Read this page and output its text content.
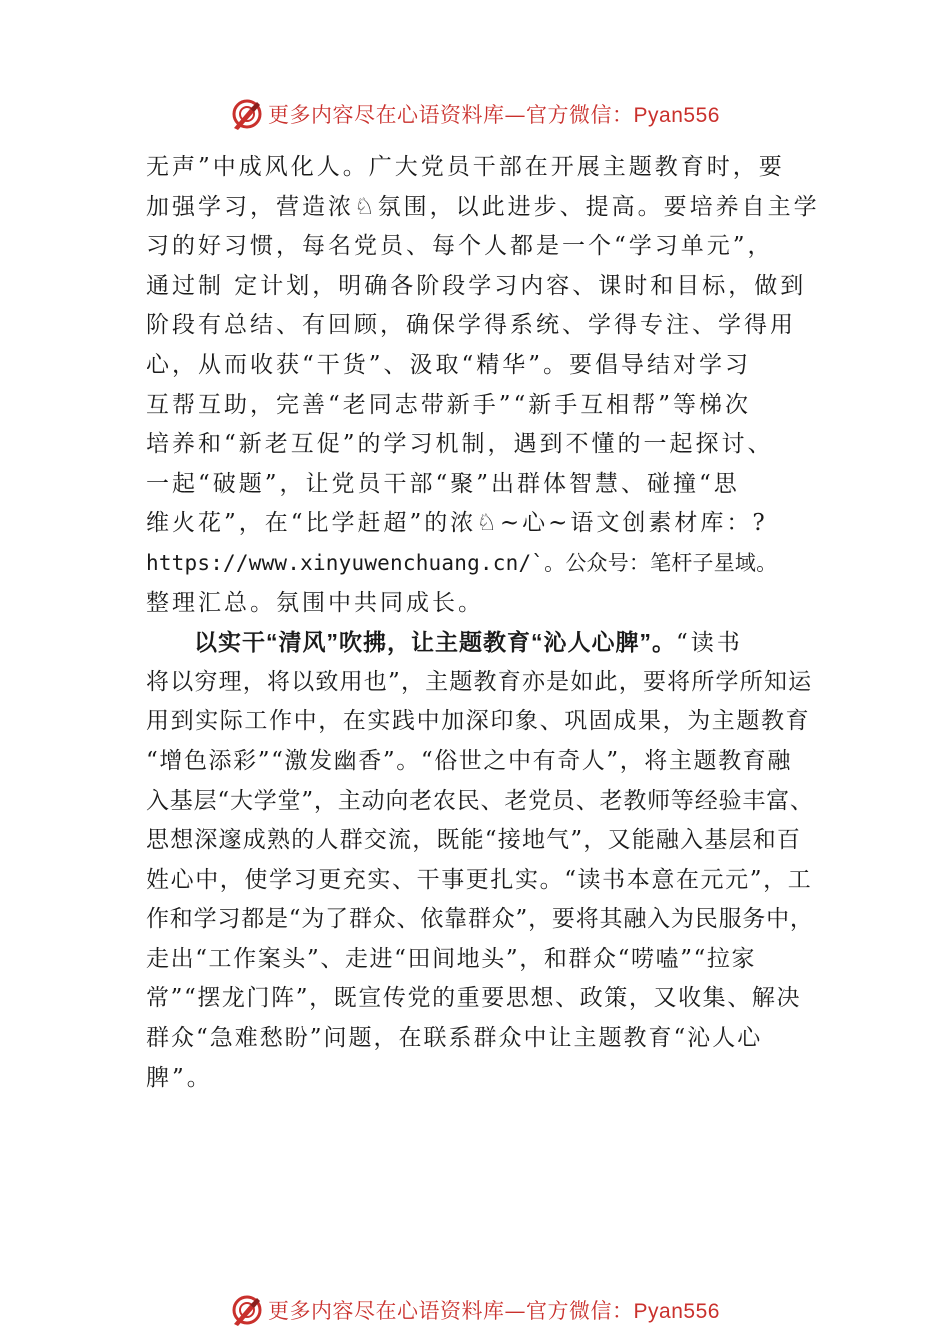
更多内容尽在心语资料库—官方微信：Pyan556
无声”中成风化人。广大党员干部在开展主题教育时，要
加强学习，营造浓♘氛围，以此进步、提高。要培养自主学
习的好习惯，每名党员、每个人都是一个“学习单元”，
通过制 定计划，明确各阶段学习内容、课时和目标，做到
阶段有总结、有回顾，确保学得系统、学得专注、学得用
心，从而收获“干货”、汲取“精华”。要倡导结对学习
互帮互助，完善“老同志带新手”“新手互相帮”等梯次
培养和“新老互促”的学习机制，遇到不懂的一起探讨、
一起“破题”，让党员干部“聚”出群体智慧、碰撞“思
维火花”，在“比学赶超”的浓♘~心~语文创素材库：?
https://www.xinyuwenchuang.cn/`。公众号：笔杆子星域。
整理汇总。氛围中共同成长。
以实干“清风”吹拂，让主题教育“沁人心脾”。“读书
将以穷理，将以致用也”，主题教育亦是如此，要将所学所知运
用到实际工作中，在实践中加深印象、巩固成果，为主题教育
“增色添彩”“激发幽香”。“俗世之中有奇人”，将主题教育融
入基层“大学堂”，主动向老农民、老党员、老教师等经验丰富、
思想深邃成熟的人群交流，既能“接地气”，又能融入基层和百
姓心中，使学习更充实、干事更扎实。“读书本意在元元”，工
作和学习都是“为了群众、依靠群众”，要将其融入为民服务中，
走出“工作案头”、走进“田间地头”，和群众“唠嗑”“拉家
常”“摆龙门阵”，既宣传党的重要思想、政策，又收集、解决
群众“急难愁盼”问题，在联系群众中让主题教育“沁人心
脾”。
更多内容尽在心语资料库—官方微信：Pyan556
